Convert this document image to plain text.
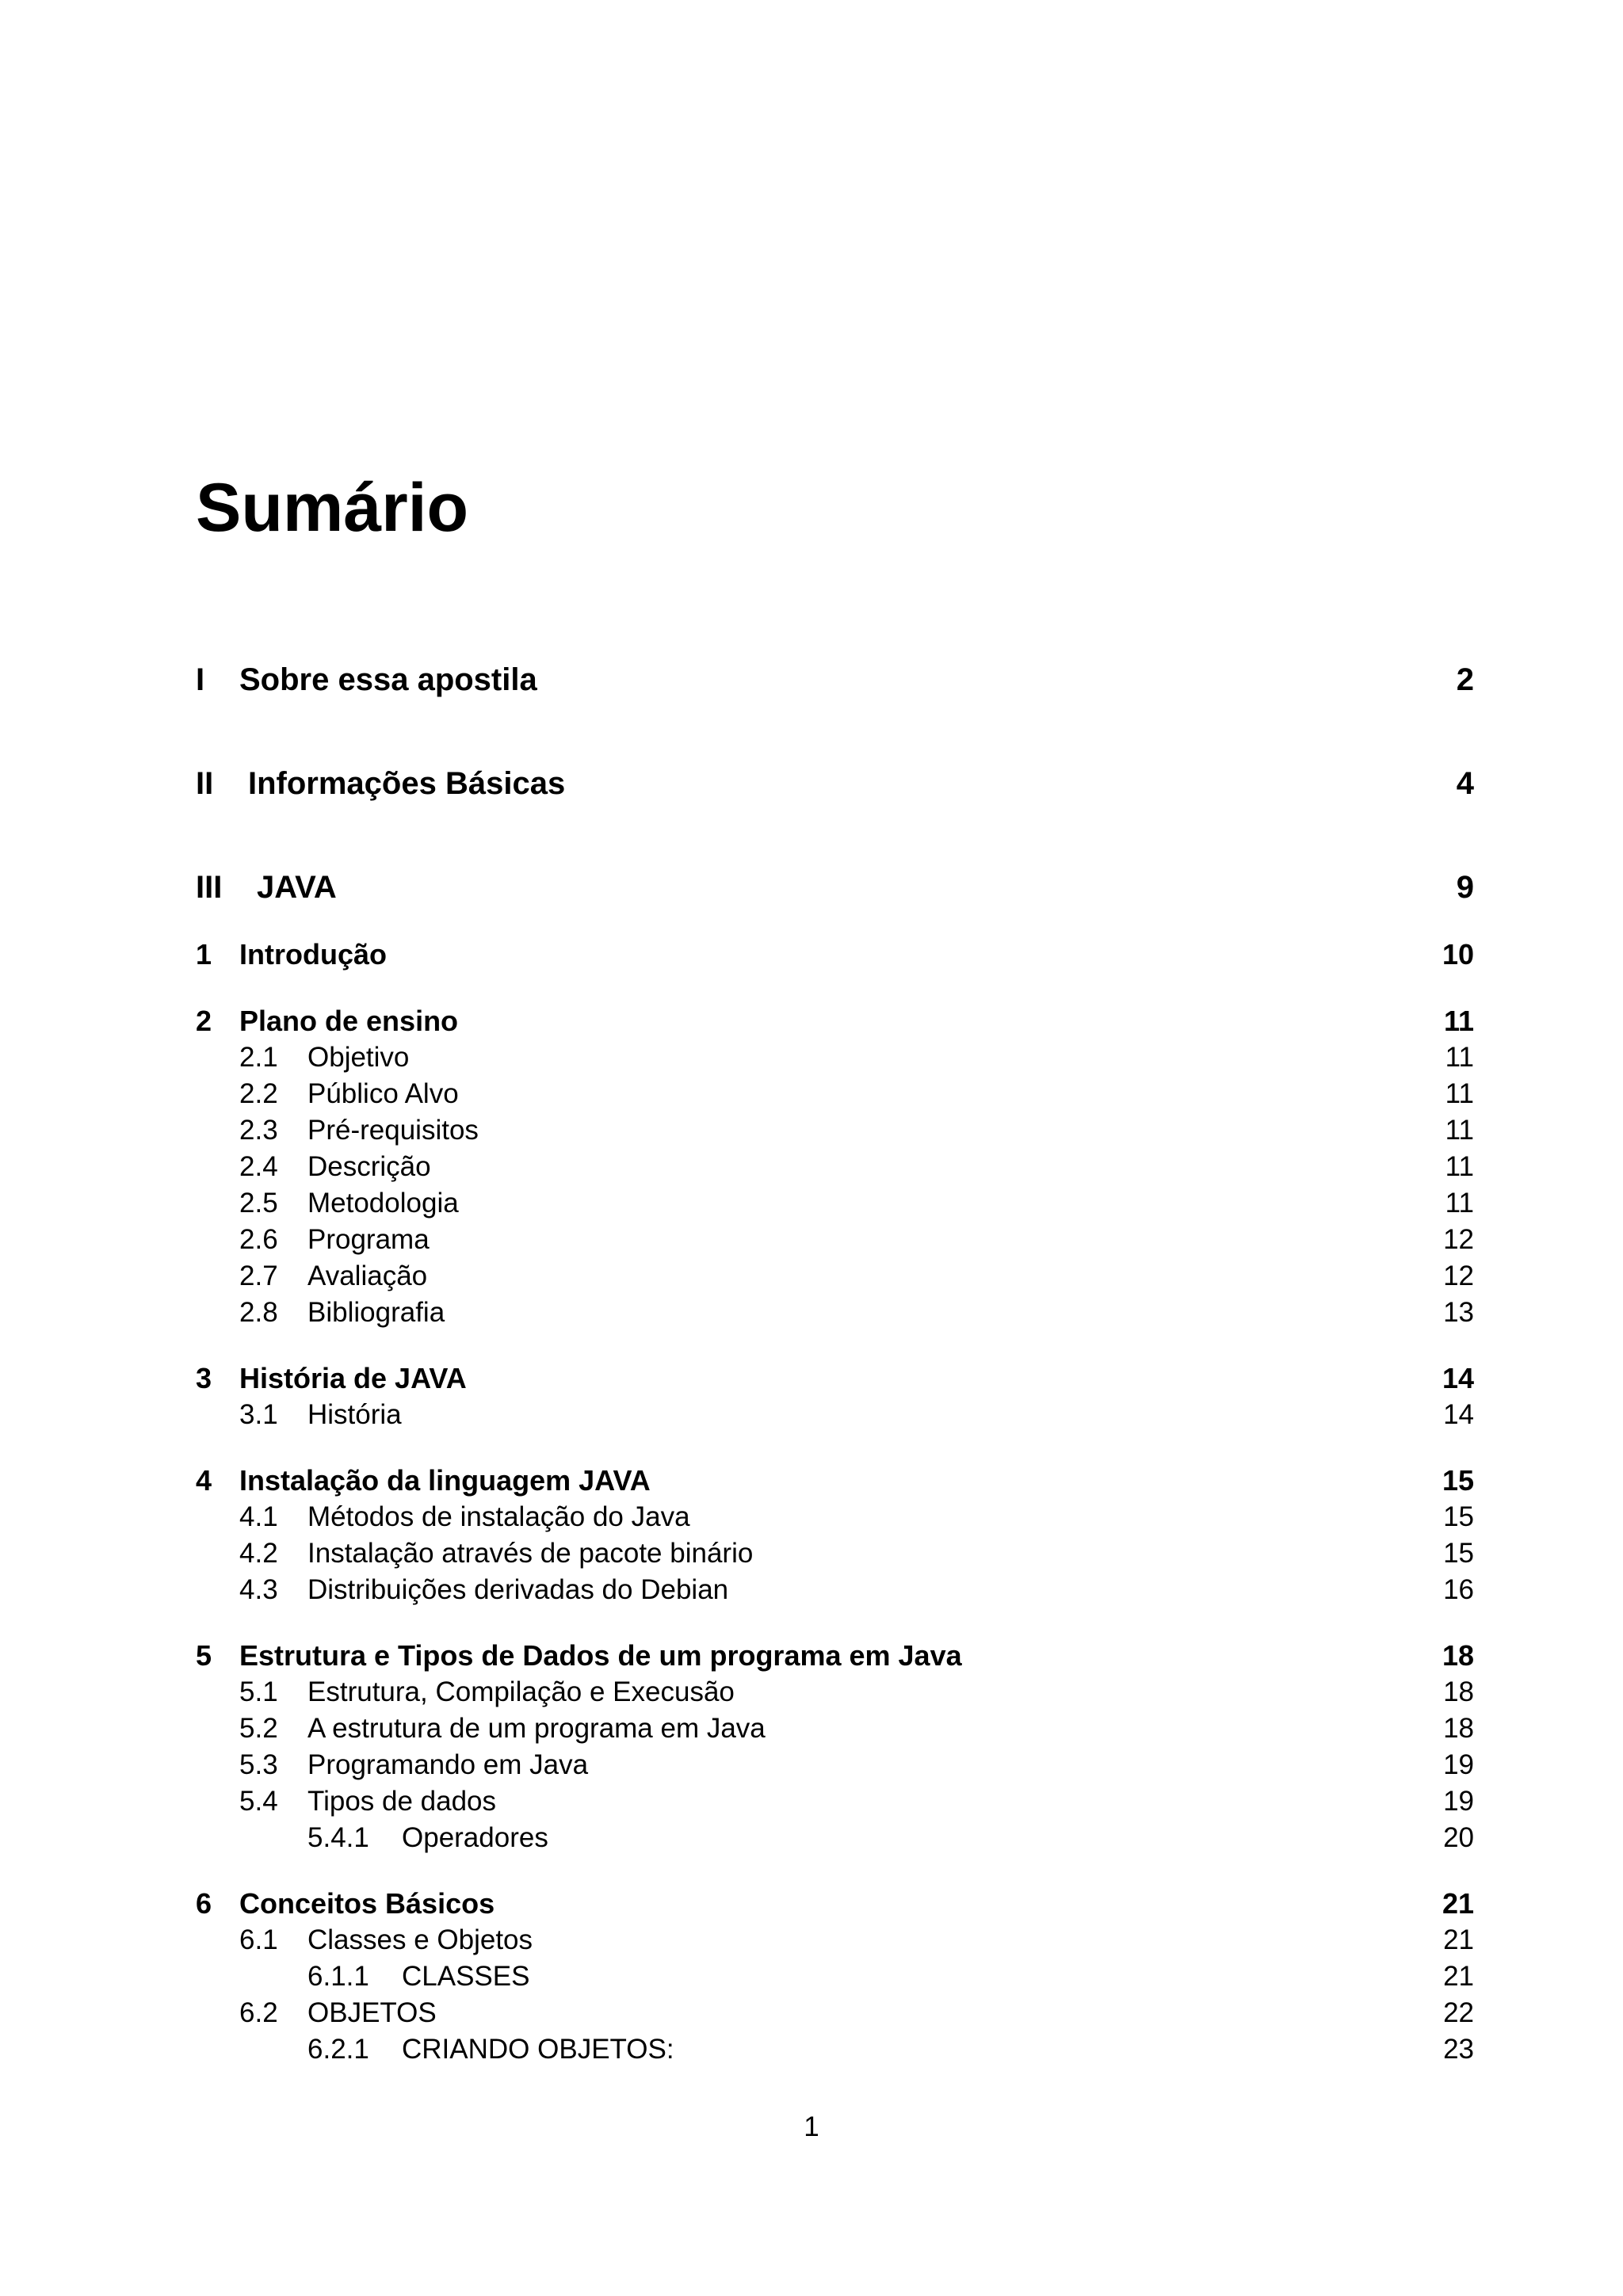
Sumário
I Sobre essa apostila	2
II Informações Básicas	4
III JAVA	9
1 Introdução	10
2 Plano de ensino	11
2.1	Objetivo	11
2.2	Público Alvo	11
2.3	Pré-requisitos	11
2.4	Descrição	11
2.5	Metodologia	11
2.6	Programa	12
2.7	Avaliação	12
2.8	Bibliografia	13
3 História de JAVA	14
3.1	História	14
4 Instalação da linguagem JAVA	15
4.1	Métodos de instalação do Java	15
4.2	Instalação através de pacote binário	15
4.3	Distribuições derivadas do Debian	16
5 Estrutura e Tipos de Dados de um programa em Java	18
5.1	Estrutura, Compilação e Execusão	18
5.2	A estrutura de um programa em Java	18
5.3	Programando em Java	19
5.4	Tipos de dados	19
5.4.1	Operadores	20
6 Conceitos Básicos	21
6.1	Classes e Objetos	21
6.1.1	CLASSES	21
6.2	OBJETOS	22
6.2.1	CRIANDO OBJETOS:	23
1
